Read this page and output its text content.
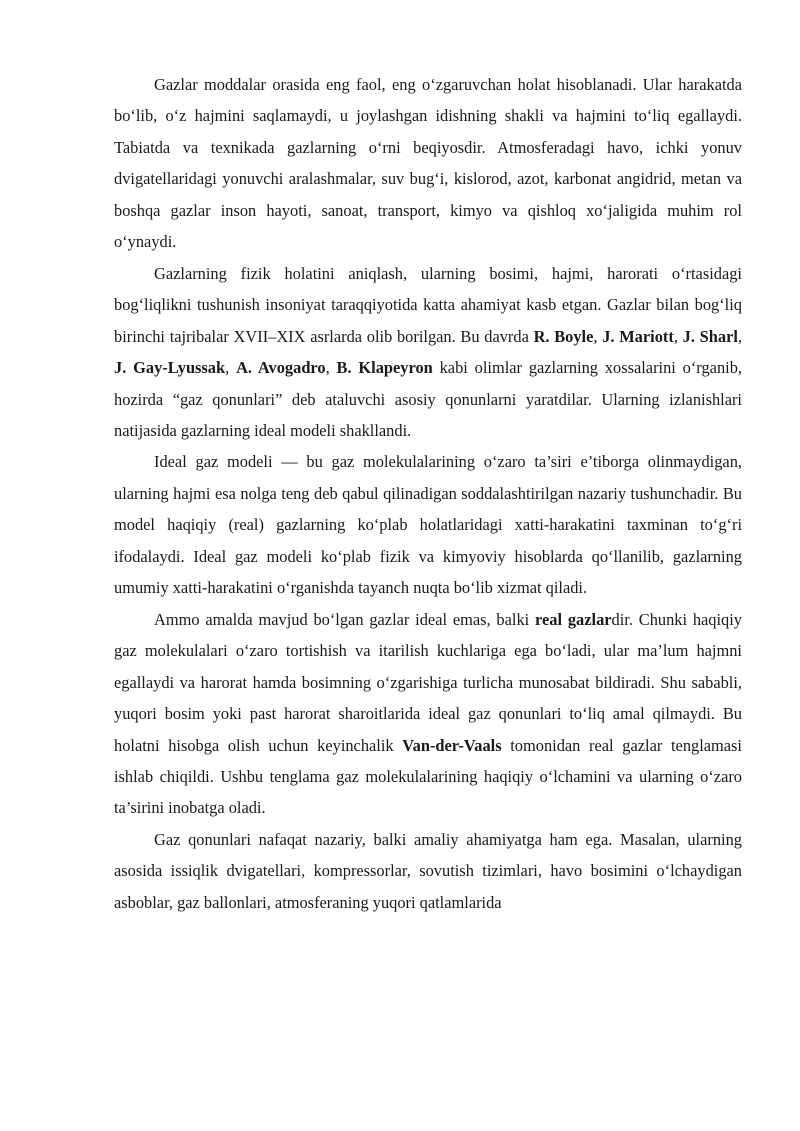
Gazlar moddalar orasida eng faol, eng o‘zgaruvchan holat hisoblanadi. Ular harakatda bo‘lib, o‘z hajmini saqlamaydi, u joylashgan idishning shakli va hajmini to‘liq egallaydi. Tabiatda va texnikada gazlarning o‘rni beqiyosdir. Atmosferadagi havo, ichki yonuv dvigatellaridagi yonuvchi aralashmalar, suv bug‘i, kislorod, azot, karbonat angidrid, metan va boshqa gazlar inson hayoti, sanoat, transport, kimyo va qishloq xo‘jaligida muhim rol o‘ynaydi.

Gazlarning fizik holatini aniqlash, ularning bosimi, hajmi, harorati o‘rtasidagi bog‘liqlikni tushunish insoniyat taraqqiyotida katta ahamiyat kasb etgan. Gazlar bilan bog‘liq birinchi tajribalar XVII–XIX asrlarda olib borilgan. Bu davrda R. Boyle, J. Mariott, J. Sharl, J. Gay-Lyussak, A. Avogadro, B. Klapeyron kabi olimlar gazlarning xossalarini o‘rganib, hozirda “gaz qonunlari” deb ataluvchi asosiy qonunlarni yaratdilar. Ularning izlanishlari natijasida gazlarning ideal modeli shakllandi.

Ideal gaz modeli — bu gaz molekulalarining o‘zaro ta’siri e’tiborga olinmaydigan, ularning hajmi esa nolga teng deb qabul qilinadigan soddalashtirilgan nazariy tushunchadir. Bu model haqiqiy (real) gazlarning ko‘plab holatlaridagi xatti-harakatini taxminan to‘g‘ri ifodalaydi. Ideal gaz modeli ko‘plab fizik va kimyoviy hisoblarda qo‘llanilib, gazlarning umumiy xatti-harakatini o‘rganishda tayanch nuqta bo‘lib xizmat qiladi.

Ammo amalda mavjud bo‘lgan gazlar ideal emas, balki real gazlardir. Chunki haqiqiy gaz molekulalari o‘zaro tortishish va itarilish kuchlariga ega bo‘ladi, ular ma’lum hajmni egallaydi va harorat hamda bosimning o‘zgarishiga turlicha munosabat bildiradi. Shu sababli, yuqori bosim yoki past harorat sharoitlarida ideal gaz qonunlari to‘liq amal qilmaydi. Bu holatni hisobga olish uchun keyinchalik Van-der-Vaals tomonidan real gazlar tenglamasi ishlab chiqildi. Ushbu tenglama gaz molekulalarining haqiqiy o‘lchamini va ularning o‘zaro ta’sirini inobatga oladi.

Gaz qonunlari nafaqat nazariy, balki amaliy ahamiyatga ham ega. Masalan, ularning asosida issiqlik dvigatellari, kompressorlar, sovutish tizimlari, havo bosimini o‘lchaydigan asboblar, gaz ballonlari, atmosferaning yuqori qatlamlarida
